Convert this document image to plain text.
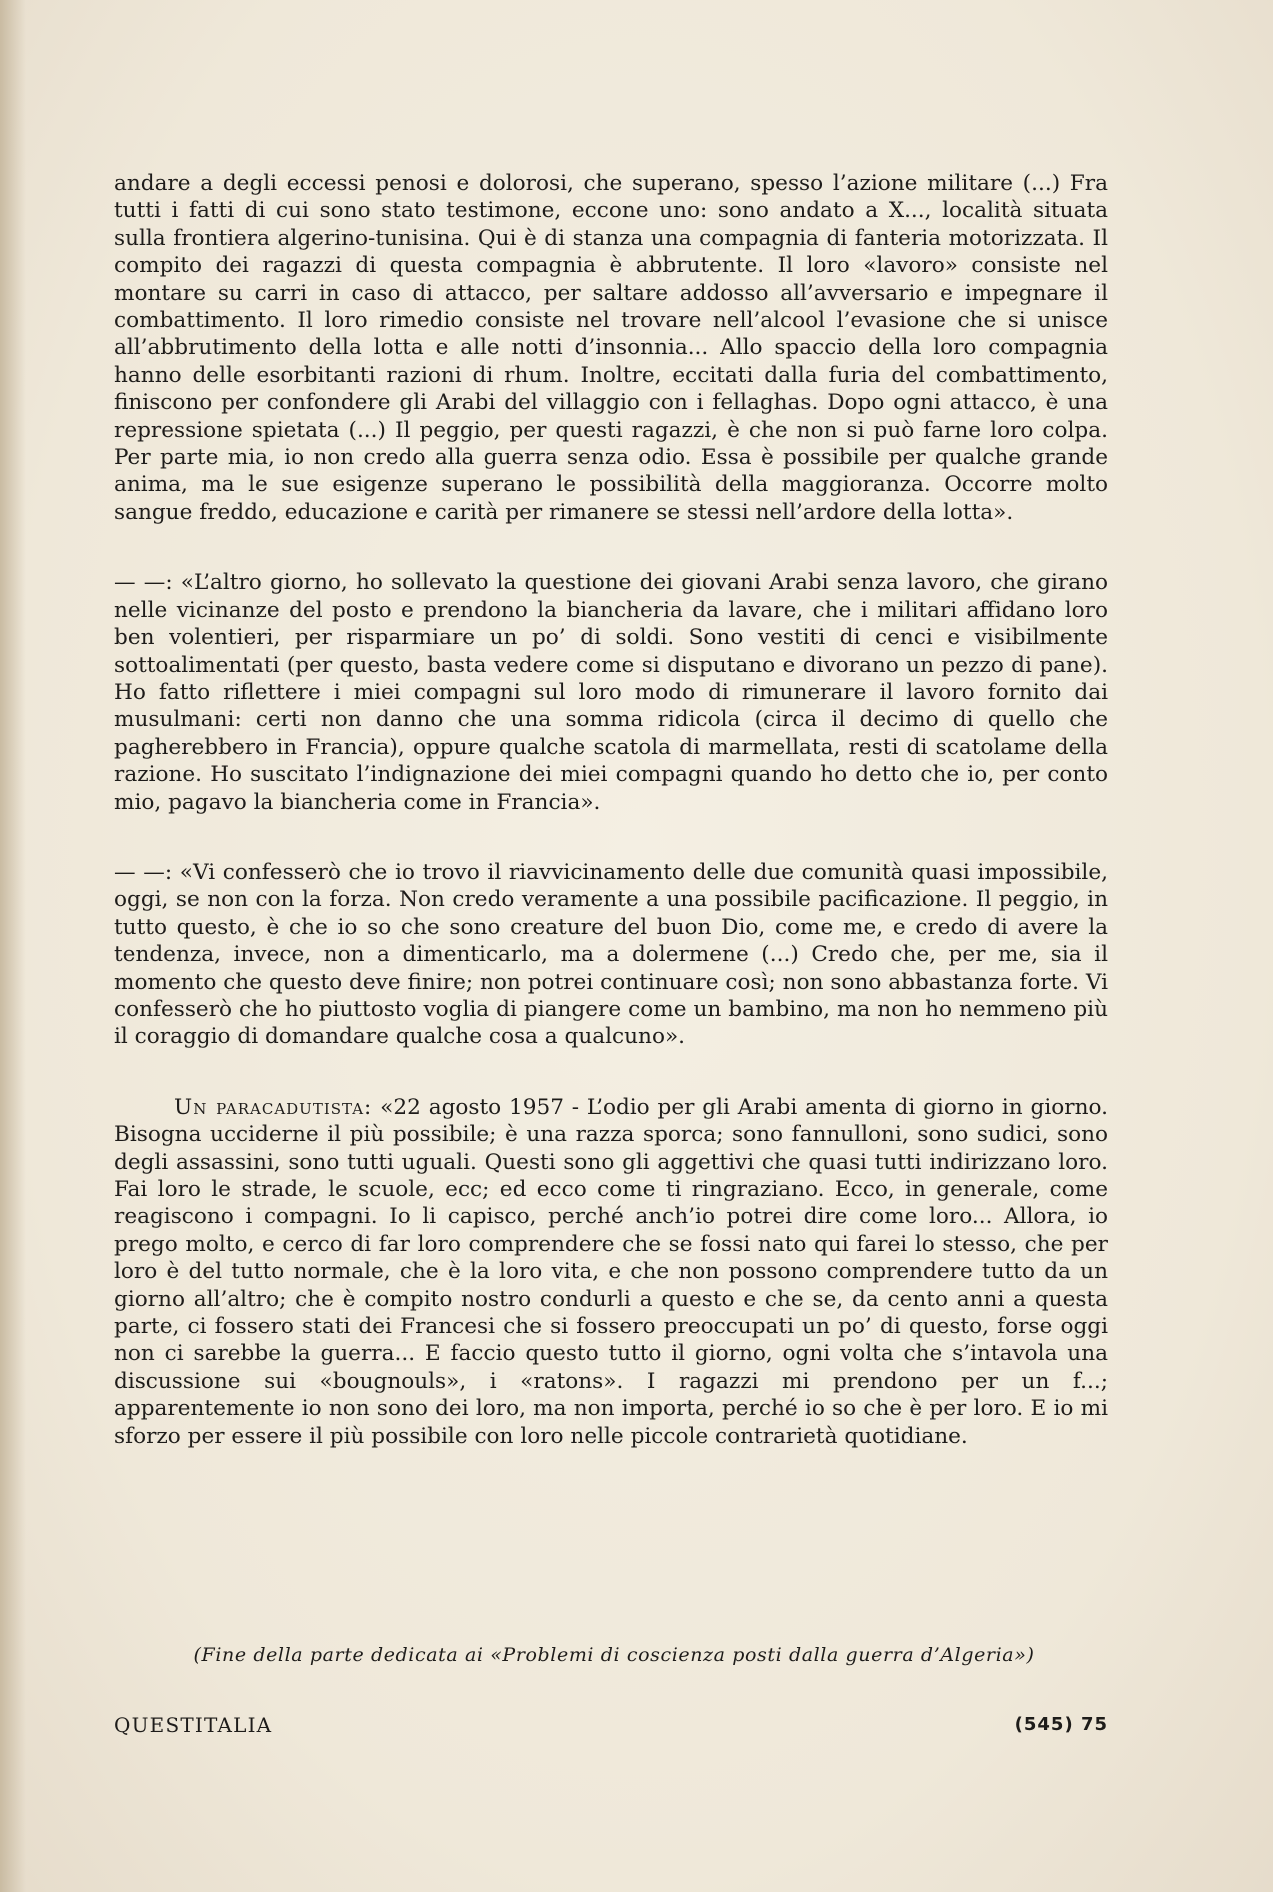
andare a degli eccessi penosi e dolorosi, che superano, spesso l’azione militare (...) Fra tutti i fatti di cui sono stato testimone, eccone uno: sono andato a X..., località situata sulla frontiera algerino-tunisina. Qui è di stanza una compagnia di fanteria motorizzata. Il compito dei ragazzi di questa compagnia è abbrutente. Il loro «lavoro» consiste nel montare su carri in caso di attacco, per saltare addosso all’avversario e impegnare il combattimento. Il loro rimedio consiste nel trovare nell’alcool l’evasione che si unisce all’abbrutimento della lotta e alle notti d’insonnia... Allo spaccio della loro compagnia hanno delle esorbitanti razioni di rhum. Inoltre, eccitati dalla furia del combattimento, finiscono per confondere gli Arabi del villaggio con i fellaghas. Dopo ogni attacco, è una repressione spietata (...) Il peggio, per questi ragazzi, è che non si può farne loro colpa. Per parte mia, io non credo alla guerra senza odio. Essa è possibile per qualche grande anima, ma le sue esigenze superano le possibilità della maggioranza. Occorre molto sangue freddo, educazione e carità per rimanere se stessi nell’ardore della lotta».

— —: «L’altro giorno, ho sollevato la questione dei giovani Arabi senza lavoro, che girano nelle vicinanze del posto e prendono la biancheria da lavare, che i militari affidano loro ben volentieri, per risparmiare un po’ di soldi. Sono vestiti di cenci e visibilmente sottoalimentati (per questo, basta vedere come si disputano e divorano un pezzo di pane). Ho fatto riflettere i miei compagni sul loro modo di rimunerare il lavoro fornito dai musulmani: certi non danno che una somma ridicola (circa il decimo di quello che pagherebbero in Francia), oppure qualche scatola di marmellata, resti di scatolame della razione. Ho suscitato l’indignazione dei miei compagni quando ho detto che io, per conto mio, pagavo la biancheria come in Francia».

— —: «Vi confesserò che io trovo il riavvicinamento delle due comunità quasi impossibile, oggi, se non con la forza. Non credo veramente a una possibile pacificazione. Il peggio, in tutto questo, è che io so che sono creature del buon Dio, come me, e credo di avere la tendenza, invece, non a dimenticarlo, ma a dolermene (...) Credo che, per me, sia il momento che questo deve finire; non potrei continuare così; non sono abbastanza forte. Vi confesserò che ho piuttosto voglia di piangere come un bambino, ma non ho nemmeno più il coraggio di domandare qualche cosa a qualcuno».

Un paracadutista: «22 agosto 1957 - L’odio per gli Arabi amenta di giorno in giorno. Bisogna ucciderne il più possibile; è una razza sporca; sono fannulloni, sono sudici, sono degli assassini, sono tutti uguali. Questi sono gli aggettivi che quasi tutti indirizzano loro. Fai loro le strade, le scuole, ecc; ed ecco come ti ringraziano. Ecco, in generale, come reagiscono i compagni. Io li capisco, perché anch’io potrei dire come loro... Allora, io prego molto, e cerco di far loro comprendere che se fossi nato qui farei lo stesso, che per loro è del tutto normale, che è la loro vita, e che non possono comprendere tutto da un giorno all’altro; che è compito nostro condurli a questo e che se, da cento anni a questa parte, ci fossero stati dei Francesi che si fossero preoccupati un po’ di questo, forse oggi non ci sarebbe la guerra... E faccio questo tutto il giorno, ogni volta che s’intavola una discussione sui «bougnouls», i «ratons». I ragazzi mi prendono per un f...; apparentemente io non sono dei loro, ma non importa, perché io so che è per loro. E io mi sforzo per essere il più possibile con loro nelle piccole contrarietà quotidiane.

(Fine della parte dedicata ai «Problemi di coscienza posti dalla guerra d’Algeria»)
QUESTITALIA	(545) 75
